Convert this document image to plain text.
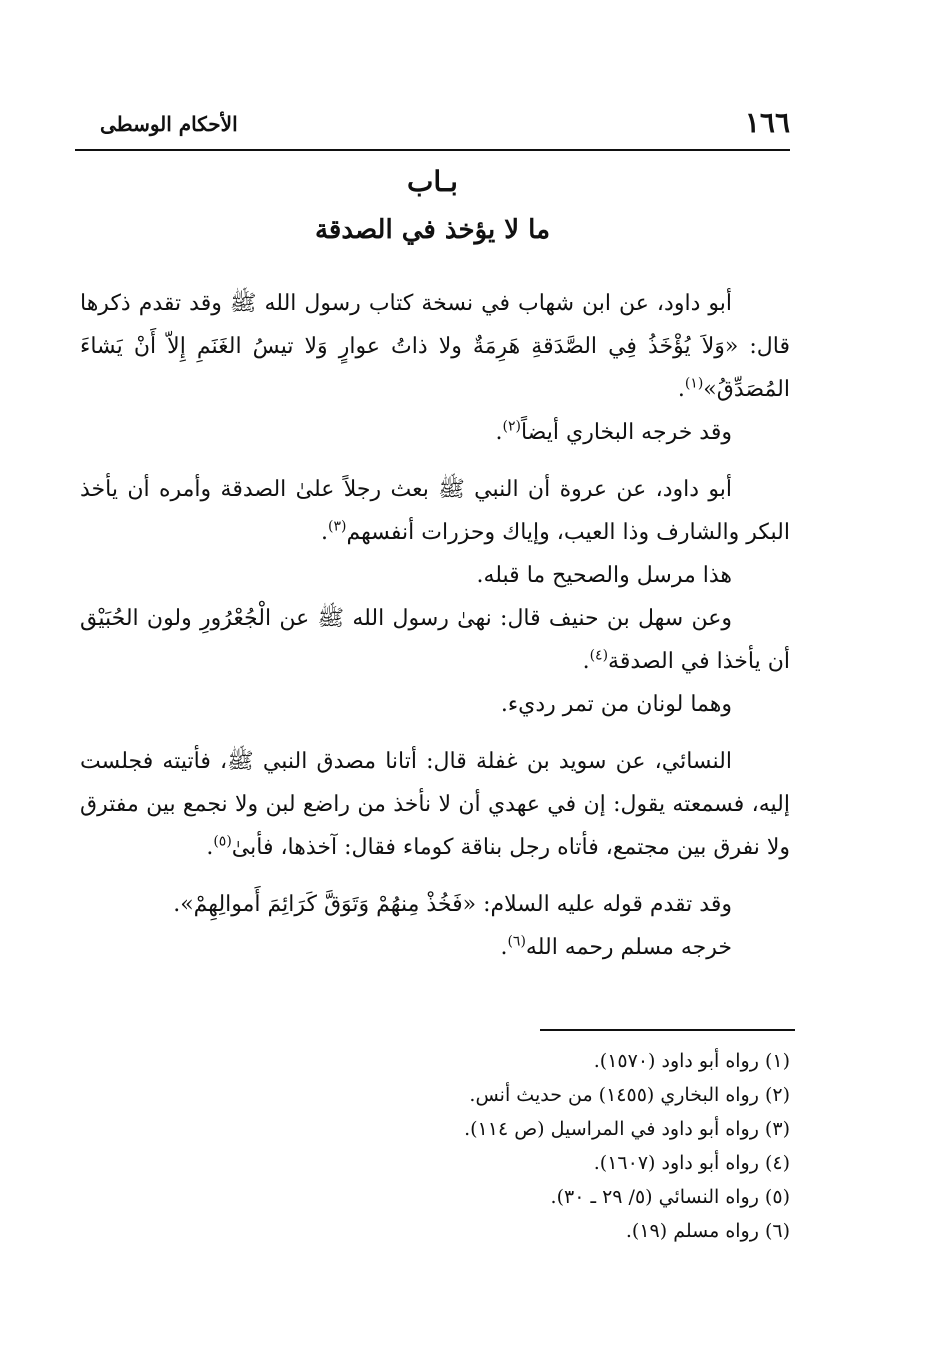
١٦٦
الأحكام الوسطى
بـاب
ما لا يؤخذ في الصدقة

أبو داود، عن ابن شهاب في نسخة كتاب رسول الله ﷺ وقد تقدم ذكرها قال: «وَلاَ يُؤْخَذُ فِي الصَّدَقةِ هَرِمَةٌ ولا ذاتُ عوارٍ وَلا تيسُ الغَنَمِ إِلاّ أَنْ يَشاءَ المُصَدِّقُ»$^{(١)}$.

وقد خرجه البخاري أيضاً$^{(٢)}$.

أبو داود، عن عروة أن النبي ﷺ بعث رجلاً علىٰ الصدقة وأمره أن يأخذ البكر والشارف وذا العيب، وإياك وحزرات أنفسهم$^{(٣)}$.

هذا مرسل والصحيح ما قبله.

وعن سهل بن حنيف قال: نهىٰ رسول الله ﷺ عن الْجُعْرُورِ ولون الحُبَيْق أن يأخذا في الصدقة$^{(٤)}$.

وهما لونان من تمر رديء.

النسائي، عن سويد بن غفلة قال: أتانا مصدق النبي ﷺ، فأتيته فجلست إليه، فسمعته يقول: إن في عهدي أن لا نأخذ من راضع لبن ولا نجمع بين مفترق ولا نفرق بين مجتمع، فأتاه رجل بناقة كوماء فقال: آخذها، فأبىٰ$^{(٥)}$.

وقد تقدم قوله عليه السلام: «فَخُذْ مِنهُمْ وَتَوَقَّ كَرَائِمَ أَموالِهِمْ».

خرجه مسلم رحمه الله$^{(٦)}$.

(١) رواه أبو داود (١٥٧٠).
(٢) رواه البخاري (١٤٥٥) من حديث أنس.
(٣) رواه أبو داود في المراسيل (ص ١١٤).
(٤) رواه أبو داود (١٦٠٧).
(٥) رواه النسائي (٥/ ٢٩ ـ ٣٠).
(٦) رواه مسلم (١٩).
